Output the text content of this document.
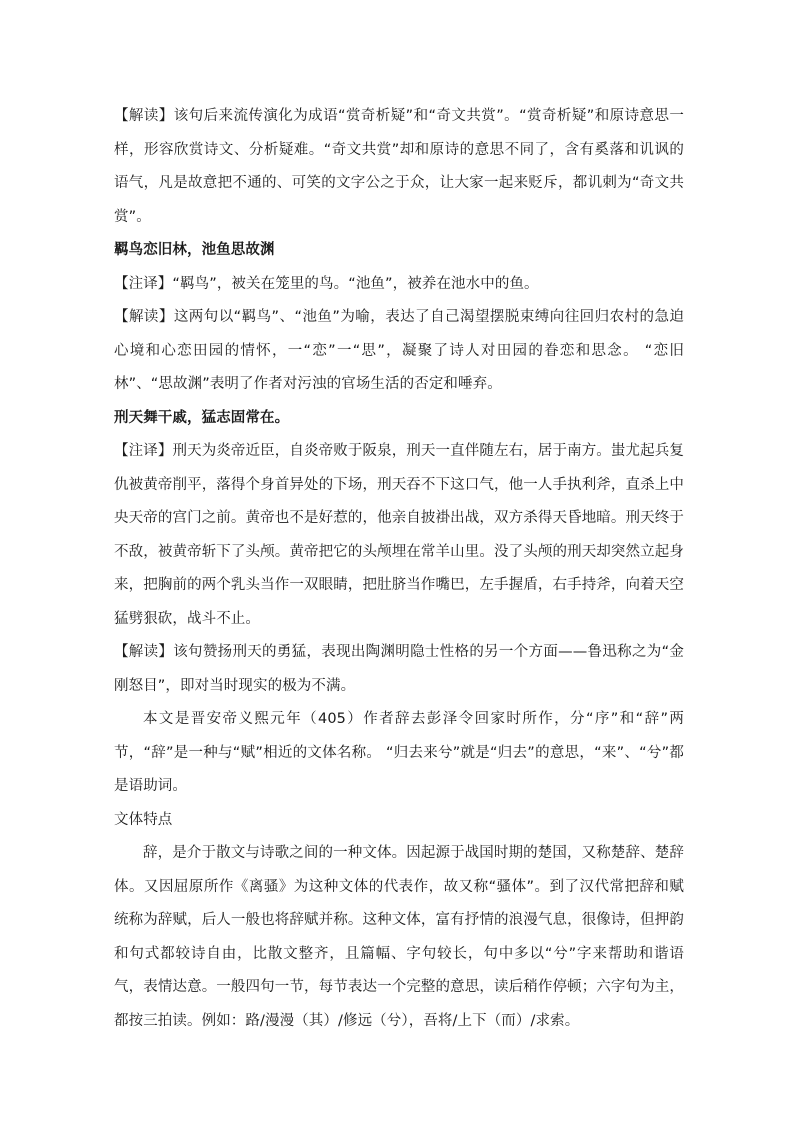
【解读】该句后来流传演化为成语“赏奇析疑”和“奇文共赏”。“赏奇析疑”和原诗意思一样，形容欣赏诗文、分析疑难。“奇文共赏”却和原诗的意思不同了，含有奚落和讥讽的语气，凡是故意把不通的、可笑的文字公之于众，让大家一起来贬斥，都讥刺为“奇文共赏”。

羁鸟恋旧林，池鱼思故渊

【注译】“羁鸟”，被关在笼里的鸟。“池鱼”，被养在池水中的鱼。

【解读】这两句以“羁鸟”、“池鱼”为喻，表达了自己渴望摆脱束缚向往回归农村的急迫心境和心恋田园的情怀，一“恋”一“思”，凝聚了诗人对田园的眷恋和思念。 “恋旧林”、“思故渊”表明了作者对污浊的官场生活的否定和唾弃。

刑天舞干戚，猛志固常在。

【注译】刑天为炎帝近臣，自炎帝败于阪泉，刑天一直伴随左右，居于南方。蚩尤起兵复仇被黄帝削平，落得个身首异处的下场，刑天吞不下这口气，他一人手执利斧，直杀上中央天帝的宫门之前。黄帝也不是好惹的，他亲自披褂出战，双方杀得天昏地暗。刑天终于不敌，被黄帝斩下了头颅。黄帝把它的头颅埋在常羊山里。没了头颅的刑天却突然立起身来，把胸前的两个乳头当作一双眼睛，把肚脐当作嘴巴，左手握盾，右手持斧，向着天空猛劈狠砍，战斗不止。

【解读】该句赞扬刑天的勇猛，表现出陶渊明隐士性格的另一个方面——鲁迅称之为“金刚怒目”，即对当时现实的极为不满。

本文是晋安帝义熙元年（405）作者辞去彭泽令回家时所作，分“序”和“辞”两节，“辞”是一种与“赋”相近的文体名称。 “归去来兮”就是“归去”的意思，“来”、“兮”都是语助词。

文体特点

辞，是介于散文与诗歌之间的一种文体。因起源于战国时期的楚国，又称楚辞、楚辞体。又因屈原所作《离骚》为这种文体的代表作，故又称“骚体”。到了汉代常把辞和赋统称为辞赋，后人一般也将辞赋并称。这种文体，富有抒情的浪漫气息，很像诗，但押韵和句式都较诗自由，比散文整齐，且篇幅、字句较长，句中多以“兮”字来帮助和谐语气，表情达意。一般四句一节，每节表达一个完整的意思，读后稍作停顿；六字句为主，都按三拍读。例如：路/漫漫（其）/修远（兮），吾将/上下（而）/求索。
